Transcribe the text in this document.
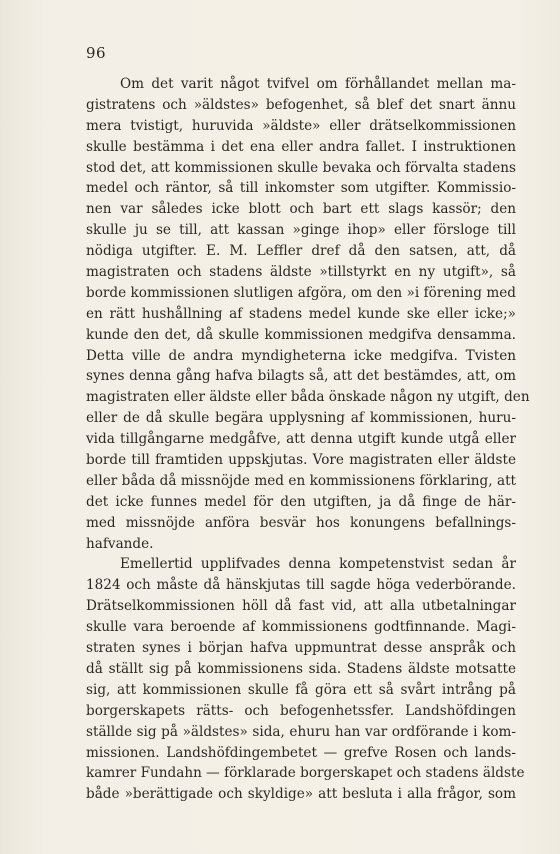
96
Om det varit något tvifvel om förhållandet mellan ma-
gistratens och »äldstes» befogenhet, så blef det snart ännu
mera tvistigt, huruvida »äldste» eller drätselkommissionen
skulle bestämma i det ena eller andra fallet. I instruktionen
stod det, att kommissionen skulle bevaka och förvalta stadens
medel och räntor, så till inkomster som utgifter. Kommissio-
nen var således icke blott och bart ett slags kassör; den
skulle ju se till, att kassan »ginge ihop» eller försloge till
nödiga utgifter. E. M. Leffler dref då den satsen, att, då
magistraten och stadens äldste »tillstyrkt en ny utgift», så
borde kommissionen slutligen afgöra, om den »i förening med
en rätt hushållning af stadens medel kunde ske eller icke;»
kunde den det, då skulle kommissionen medgifva densamma.
Detta ville de andra myndigheterna icke medgifva. Tvisten
synes denna gång hafva bilagts så, att det bestämdes, att, om
magistraten eller äldste eller båda önskade någon ny utgift, den
eller de då skulle begära upplysning af kommissionen, huru-
vida tillgångarne medgåfve, att denna utgift kunde utgå eller
borde till framtiden uppskjutas. Vore magistraten eller äldste
eller båda då missnöjde med en kommissionens förklaring, att
det icke funnes medel för den utgiften, ja då finge de här-
med missnöjde anföra besvär hos konungens befallnings-
hafvande.
Emellertid upplifvades denna kompetenstvist sedan år
1824 och måste då hänskjutas till sagde höga vederbörande.
Drätselkommissionen höll då fast vid, att alla utbetalningar
skulle vara beroende af kommissionens godtfinnande. Magi-
straten synes i början hafva uppmuntrat desse anspråk och
då ställt sig på kommissionens sida. Stadens äldste motsatte
sig, att kommissionen skulle få göra ett så svårt intrång på
borgerskapets rätts- och befogenhetssfer. Landshöfdingen
ställde sig på »äldstes» sida, ehuru han var ordförande i kom-
missionen. Landshöfdingembetet — grefve Rosen och lands-
kamrer Fundahn — förklarade borgerskapet och stadens äldste
både »berättigade och skyldige» att besluta i alla frågor, som
